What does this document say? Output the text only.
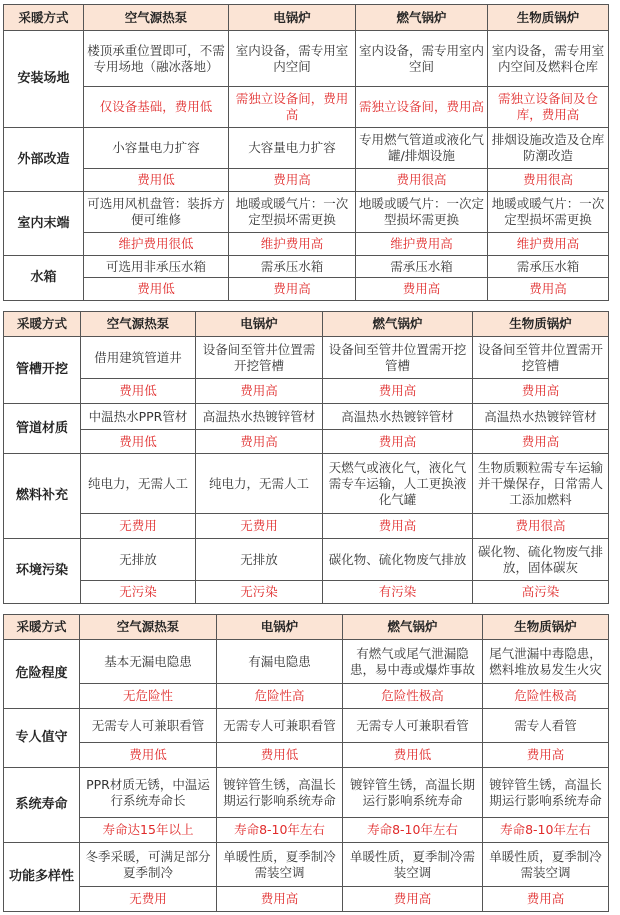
采暖方式	空气源热泵	电锅炉	燃气锅炉	生物质锅炉
安装场地	楼顶承重位置即可，不需专用场地（融冰落地）	室内设备，需专用室内空间	室内设备，需专用室内空间	室内设备，需专用室内空间及燃料仓库
	仅设备基础，费用低	需独立设备间，费用高	需独立设备间，费用高	需独立设备间及仓库，费用高
外部改造	小容量电力扩容	大容量电力扩容	专用燃气管道或液化气罐/排烟设施	排烟设施改造及仓库防潮改造
	费用低	费用高	费用很高	费用很高
室内末端	可选用风机盘管：装拆方便可维修	地暖或暖气片：一次定型损坏需更换	地暖或暖气片：一次定型损坏需更换	地暖或暖气片：一次定型损坏需更换
	维护费用很低	维护费用高	维护费用高	维护费用高
水箱	可选用非承压水箱	需承压水箱	需承压水箱	需承压水箱
	费用低	费用高	费用高	费用高
采暖方式	空气源热泵	电锅炉	燃气锅炉	生物质锅炉
管槽开挖	借用建筑管道井	设备间至管井位置需开挖管槽	设备间至管井位置需开挖管槽	设备间至管井位置需开挖管槽
	费用低	费用高	费用高	费用高
管道材质	中温热水PPR管材	高温热水热镀锌管材	高温热水热镀锌管材	高温热水热镀锌管材
	费用低	费用高	费用高	费用高
燃料补充	纯电力，无需人工	纯电力，无需人工	天燃气或液化气，液化气需专车运输，人工更换液化气罐	生物质颗粒需专车运输并干燥保存，日常需人工添加燃料
	无费用	无费用	费用高	费用很高
环境污染	无排放	无排放	碳化物、硫化物废气排放	碳化物、硫化物废气排放，固体碳灰
	无污染	无污染	有污染	高污染
采暖方式	空气源热泵	电锅炉	燃气锅炉	生物质锅炉
危险程度	基本无漏电隐患	有漏电隐患	有燃气或尾气泄漏隐患，易中毒或爆炸事故	尾气泄漏中毒隐患，燃料堆放易发生火灾
	无危险性	危险性高	危险性极高	危险性极高
专人值守	无需专人可兼职看管	无需专人可兼职看管	无需专人可兼职看管	需专人看管
	费用低	费用低	费用低	费用高
系统寿命	PPR材质无锈，中温运行系统寿命长	镀锌管生锈，高温长期运行影响系统寿命	镀锌管生锈，高温长期运行影响系统寿命	镀锌管生锈，高温长期运行影响系统寿命
	寿命达15年以上	寿命8-10年左右	寿命8-10年左右	寿命8-10年左右
功能多样性	冬季采暖，可满足部分夏季制冷	单暖性质，夏季制冷需装空调	单暖性质，夏季制冷需装空调	单暖性质，夏季制冷需装空调
	无费用	费用高	费用高	费用高
